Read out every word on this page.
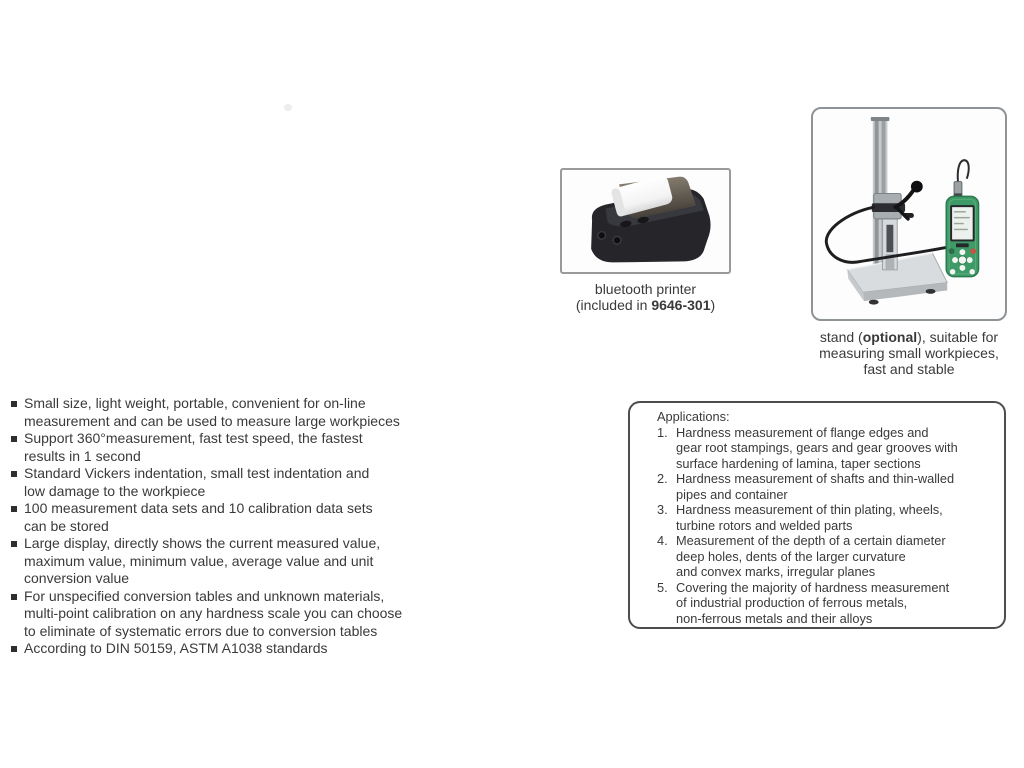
bluetooth printer
(included in 9646-301)
stand (optional), suitable for
measuring small workpieces,
fast and stable
Small size, light weight, portable, convenient for on-line
measurement and can be used to measure large workpieces
Support 360°measurement, fast test speed, the fastest
results in 1 second
Standard Vickers indentation, small test indentation and
low damage to the workpiece
100 measurement data sets and 10 calibration data sets
can be stored
Large display, directly shows the current measured value,
maximum value, minimum value, average value and unit
conversion value
For unspecified conversion tables and unknown materials,
multi-point calibration on any hardness scale you can choose
to eliminate of systematic errors due to conversion tables
According to DIN 50159, ASTM A1038 standards
Applications:
1. Hardness measurement of flange edges and
gear root stampings, gears and gear grooves with
surface hardening of lamina, taper sections
2. Hardness measurement of shafts and thin-walled
pipes and container
3. Hardness measurement of thin plating, wheels,
turbine rotors and welded parts
4. Measurement of the depth of a certain diameter
deep holes, dents of the larger curvature
and convex marks, irregular planes
5. Covering the majority of hardness measurement
of industrial production of ferrous metals,
non-ferrous metals and their alloys
